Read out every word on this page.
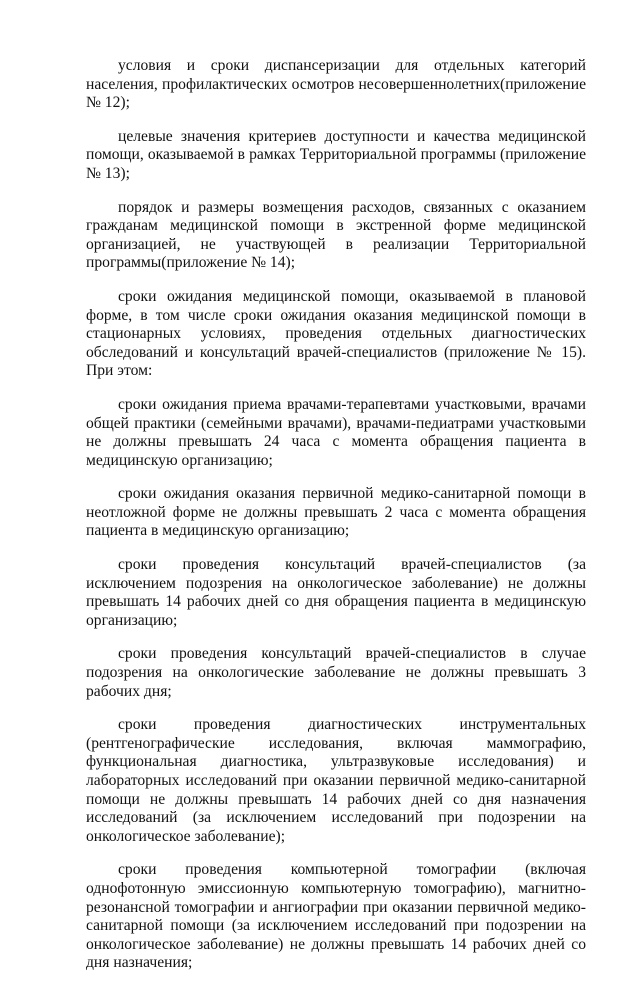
условия и сроки диспансеризации для отдельных категорий населения, профилактических осмотров несовершеннолетних(приложение № 12);

целевые значения критериев доступности и качества медицинской помощи, оказываемой в рамках Территориальной программы (приложение № 13);

порядок и размеры возмещения расходов, связанных с оказанием гражданам медицинской помощи в экстренной форме медицинской организацией, не участвующей в реализации Территориальной программы(приложение № 14);

сроки ожидания медицинской помощи, оказываемой в плановой форме, в том числе сроки ожидания оказания медицинской помощи в стационарных условиях, проведения отдельных диагностических обследований и консультаций врачей-специалистов (приложение № 15). При этом:

сроки ожидания приема врачами-терапевтами участковыми, врачами общей практики (семейными врачами), врачами-педиатрами участковыми не должны превышать 24 часа с момента обращения пациента в медицинскую организацию;

сроки ожидания оказания первичной медико-санитарной помощи в неотложной форме не должны превышать 2 часа с момента обращения пациента в медицинскую организацию;

сроки проведения консультаций врачей-специалистов (за исключением подозрения на онкологическое заболевание) не должны превышать 14 рабочих дней со дня обращения пациента в медицинскую организацию;

сроки проведения консультаций врачей-специалистов в случае подозрения на онкологические заболевание не должны превышать 3 рабочих дня;

сроки проведения диагностических инструментальных (рентгенографические исследования, включая маммографию, функциональная диагностика, ультразвуковые исследования) и лабораторных исследований при оказании первичной медико-санитарной помощи не должны превышать 14 рабочих дней со дня назначения исследований (за исключением исследований при подозрении на онкологическое заболевание);

сроки проведения компьютерной томографии (включая однофотонную эмиссионную компьютерную томографию), магнитно-резонансной томографии и ангиографии при оказании первичной медико-санитарной помощи (за исключением исследований при подозрении на онкологическое заболевание) не должны превышать 14 рабочих дней со дня назначения;
